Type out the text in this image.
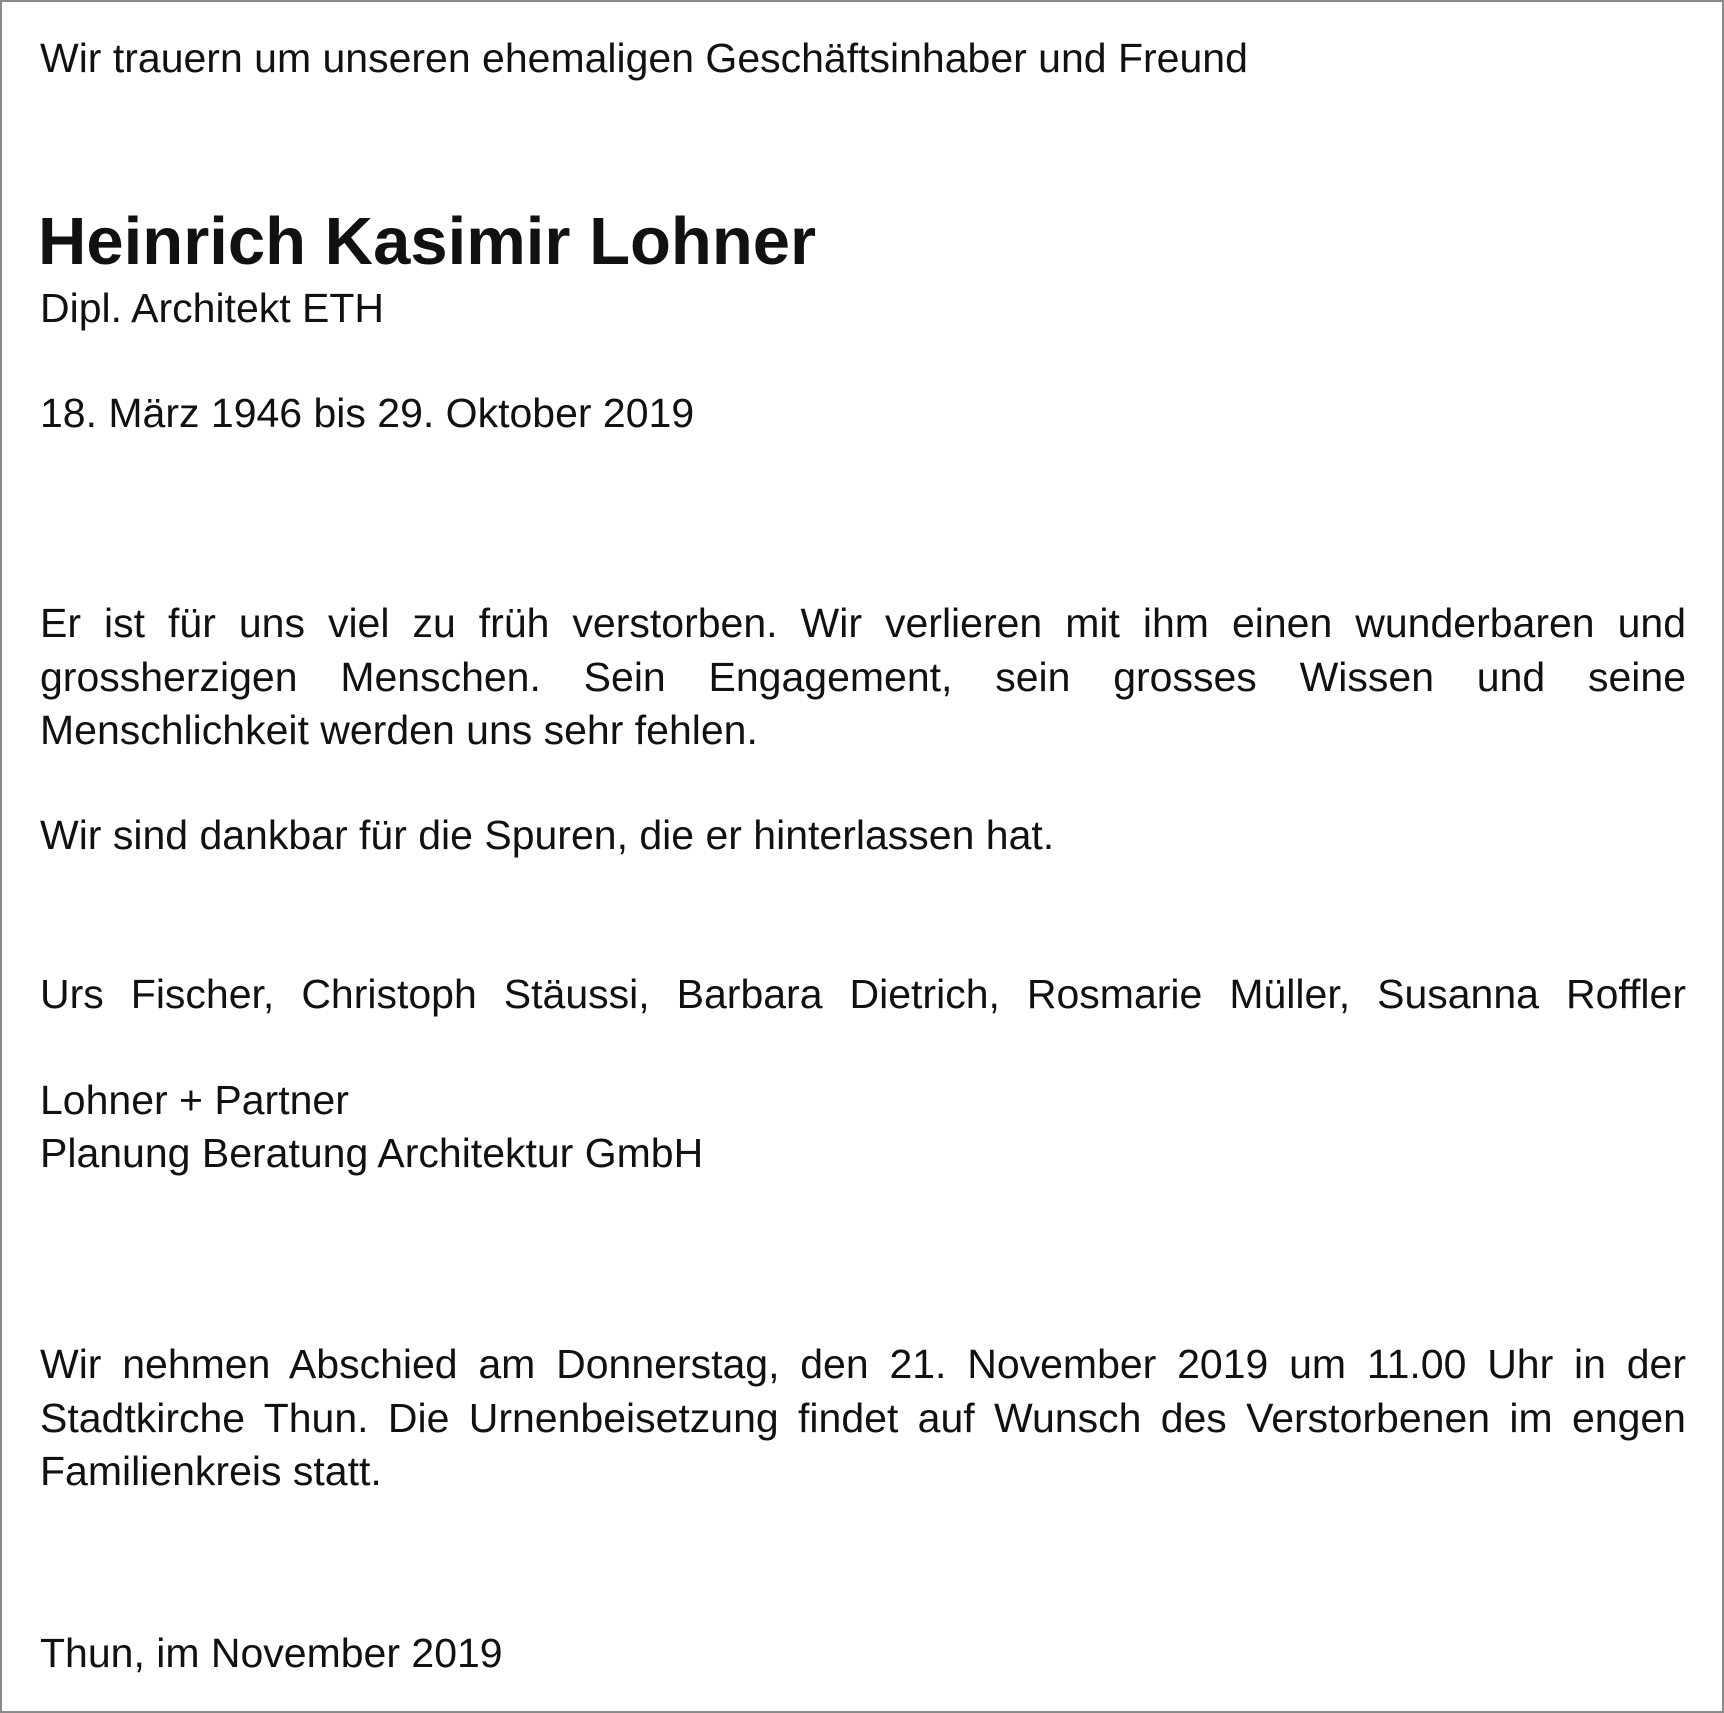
Wir trauern um unseren ehemaligen Geschäftsinhaber und Freund
Heinrich Kasimir Lohner
Dipl. Architekt ETH
18. März 1946 bis 29. Oktober 2019
Er ist für uns viel zu früh verstorben. Wir verlieren mit ihm einen wunderbaren und grossherzigen Menschen. Sein Engagement, sein grosses Wissen und seine Menschlichkeit werden uns sehr fehlen.
Wir sind dankbar für die Spuren, die er hinterlassen hat.
Urs Fischer, Christoph Stäussi, Barbara Dietrich, Rosmarie Müller, Susanna Roffler
Lohner + Partner
Planung Beratung Architektur GmbH
Wir nehmen Abschied am Donnerstag, den 21. November 2019 um 11.00 Uhr in der Stadtkirche Thun. Die Urnenbeisetzung findet auf Wunsch des Verstorbenen im engen Familienkreis statt.
Thun, im November 2019
